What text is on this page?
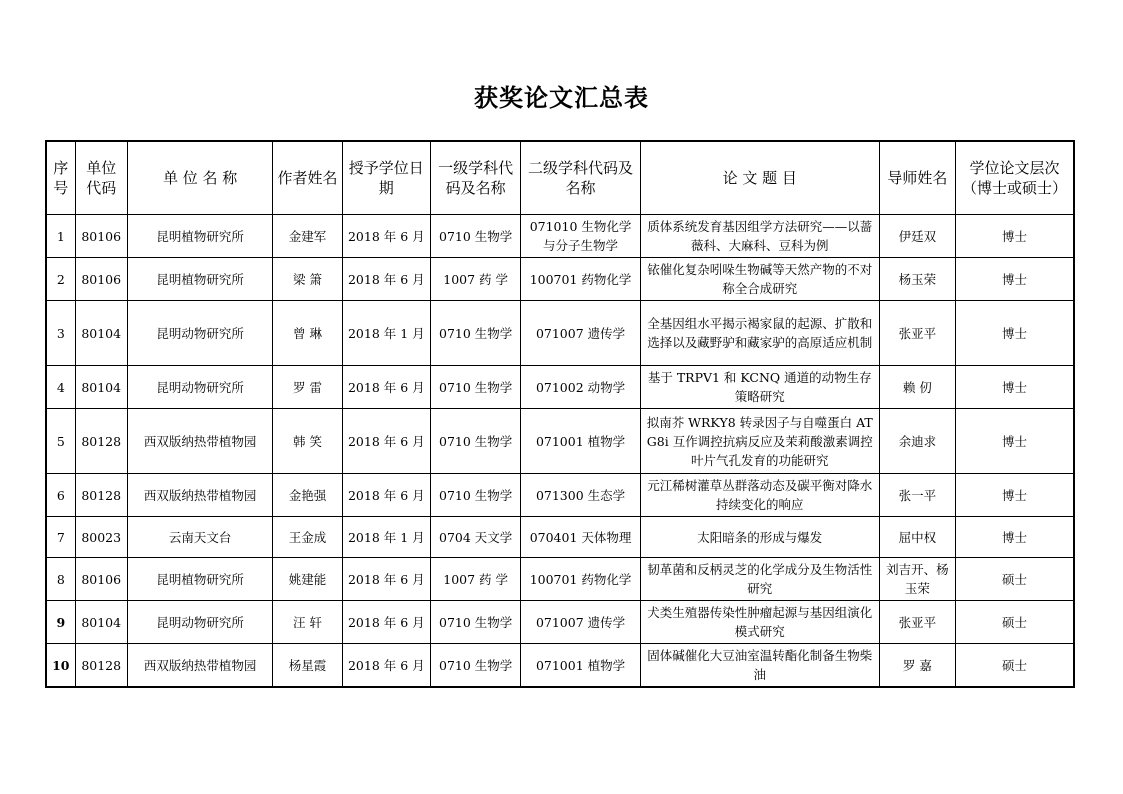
获奖论文汇总表
序号	单位代码	单 位 名 称	作者姓名	授予学位日期	一级学科代码及名称	二级学科代码及名称	论 文 题 目	导师姓名	学位论文层次（博士或硕士）
1	80106	昆明植物研究所	金建军	2018 年 6 月	0710 生物学	071010 生物化学与分子生物学	质体系统发育基因组学方法研究——以蔷薇科、大麻科、豆科为例	伊廷双	博士
2	80106	昆明植物研究所	梁 箫	2018 年 6 月	1007 药 学	100701 药物化学	铱催化复杂吲哚生物碱等天然产物的不对称全合成研究	杨玉荣	博士
3	80104	昆明动物研究所	曾 琳	2018 年 1 月	0710 生物学	071007 遗传学	全基因组水平揭示褐家鼠的起源、扩散和选择以及藏野驴和藏家驴的高原适应机制	张亚平	博士
4	80104	昆明动物研究所	罗 雷	2018 年 6 月	0710 生物学	071002 动物学	基于 TRPV1 和 KCNQ 通道的动物生存策略研究	赖 仞	博士
5	80128	西双版纳热带植物园	韩 笑	2018 年 6 月	0710 生物学	071001 植物学	拟南芥 WRKY8 转录因子与自噬蛋白 ATG8i 互作调控抗病反应及茉莉酸激素调控叶片气孔发育的功能研究	余迪求	博士
6	80128	西双版纳热带植物园	金艳强	2018 年 6 月	0710 生物学	071300 生态学	元江稀树灌草丛群落动态及碳平衡对降水持续变化的响应	张一平	博士
7	80023	云南天文台	王金成	2018 年 1 月	0704 天文学	070401 天体物理	太阳暗条的形成与爆发	屈中权	博士
8	80106	昆明植物研究所	姚建能	2018 年 6 月	1007 药 学	100701 药物化学	韧革菌和反柄灵芝的化学成分及生物活性研究	刘吉开、杨玉荣	硕士
9	80104	昆明动物研究所	汪 轩	2018 年 6 月	0710 生物学	071007 遗传学	犬类生殖器传染性肿瘤起源与基因组演化模式研究	张亚平	硕士
10	80128	西双版纳热带植物园	杨星霞	2018 年 6 月	0710 生物学	071001 植物学	固体碱催化大豆油室温转酯化制备生物柴油	罗 嘉	硕士
